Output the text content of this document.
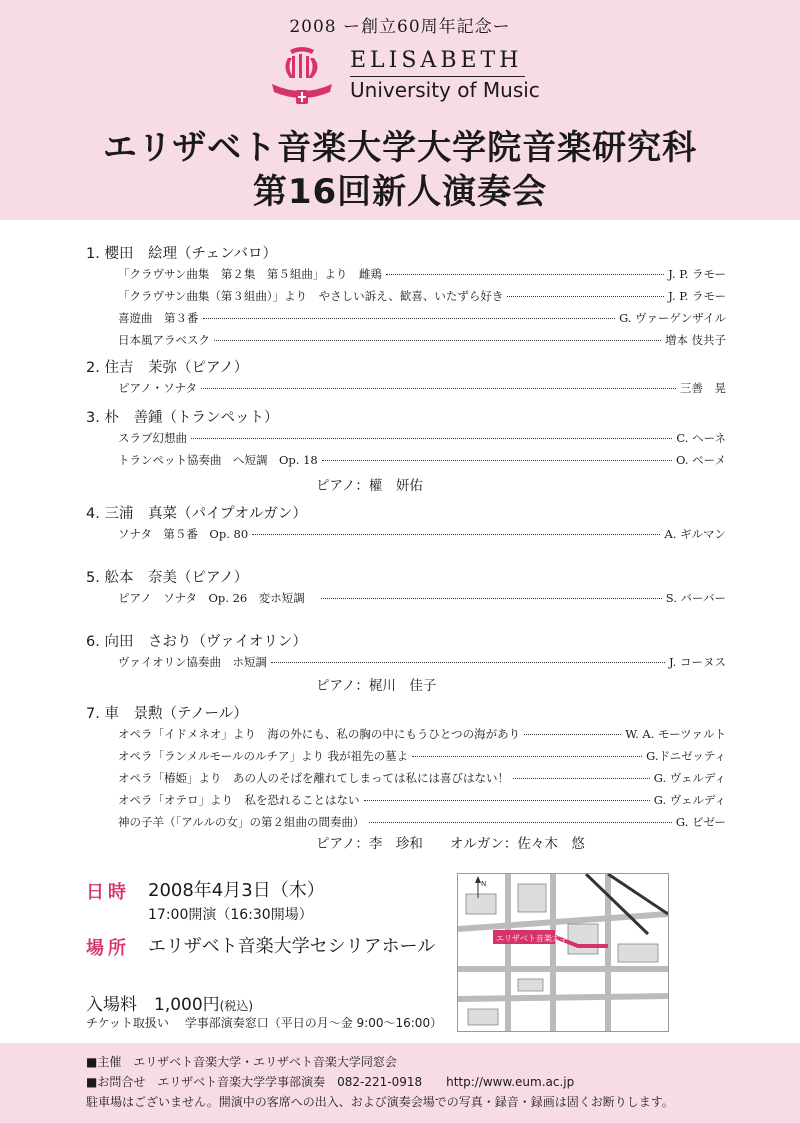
2008 ー創立60周年記念ー
ELISABETH
University of Music
エリザベト音楽大学大学院音楽研究科
第16回新人演奏会
1. 櫻田　絵理（チェンバロ）
「クラヴサン曲集　第２集　第５組曲」より　雌鶏	J. P. ラモー
「クラヴサン曲集（第３組曲）」より　やさしい訴え、歓喜、いたずら好き	J. P. ラモー
喜遊曲　第３番	G. ヴァーゲンザイル
日本風アラベスク	増本 伎共子
2. 住吉　茉弥（ピアノ）
ピアノ・ソナタ	三善　晃
3. 朴　善鍾（トランペット）
スラブ幻想曲	C. ヘーネ
トランペット協奏曲　へ短調　Op. 18	O. ベーメ
ピアノ：權　妍佑
4. 三浦　真菜（パイプオルガン）
ソナタ　第５番　Op. 80	A. ギルマン
5. 舩本　奈美（ピアノ）
ピアノ　ソナタ　Op. 26　変ホ短調	S. バーバー
6. 向田　さおり（ヴァイオリン）
ヴァイオリン協奏曲　ホ短調	J. コーヌス
ピアノ：梶川　佳子
7. 車　景勲（テノール）
オペラ「イドメネオ」より　海の外にも、私の胸の中にもうひとつの海があり	W. A. モーツァルト
オペラ「ランメルモールのルチア」より 我が祖先の墓よ	G.ドニゼッティ
オペラ「椿姫」より　あの人のそばを離れてしまっては私には喜びはない！	G. ヴェルディ
オペラ「オテロ」より　私を恐れることはない	G. ヴェルディ
神の子羊（「アルルの女」の第２組曲の間奏曲）	G. ビゼー
ピアノ：李　珍和　　オルガン：佐々木　悠
日時 2008年4月3日（木）
17:00開演（16:30開場）
場所 エリザベト音楽大学セシリアホール
入場料　1,000円(税込)
チケット取扱い　 学事部演奏窓口（平日の月〜金 9:00〜16:00）
エリザベト音楽大学
N
■主催　エリザベト音楽大学・エリザベト音楽大学同窓会
■お問合せ　エリザベト音楽大学学事部演奏　082-221-0918　　http://www.eum.ac.jp
駐車場はございません。開演中の客席への出入、および演奏会場での写真・録音・録画は固くお断りします。
